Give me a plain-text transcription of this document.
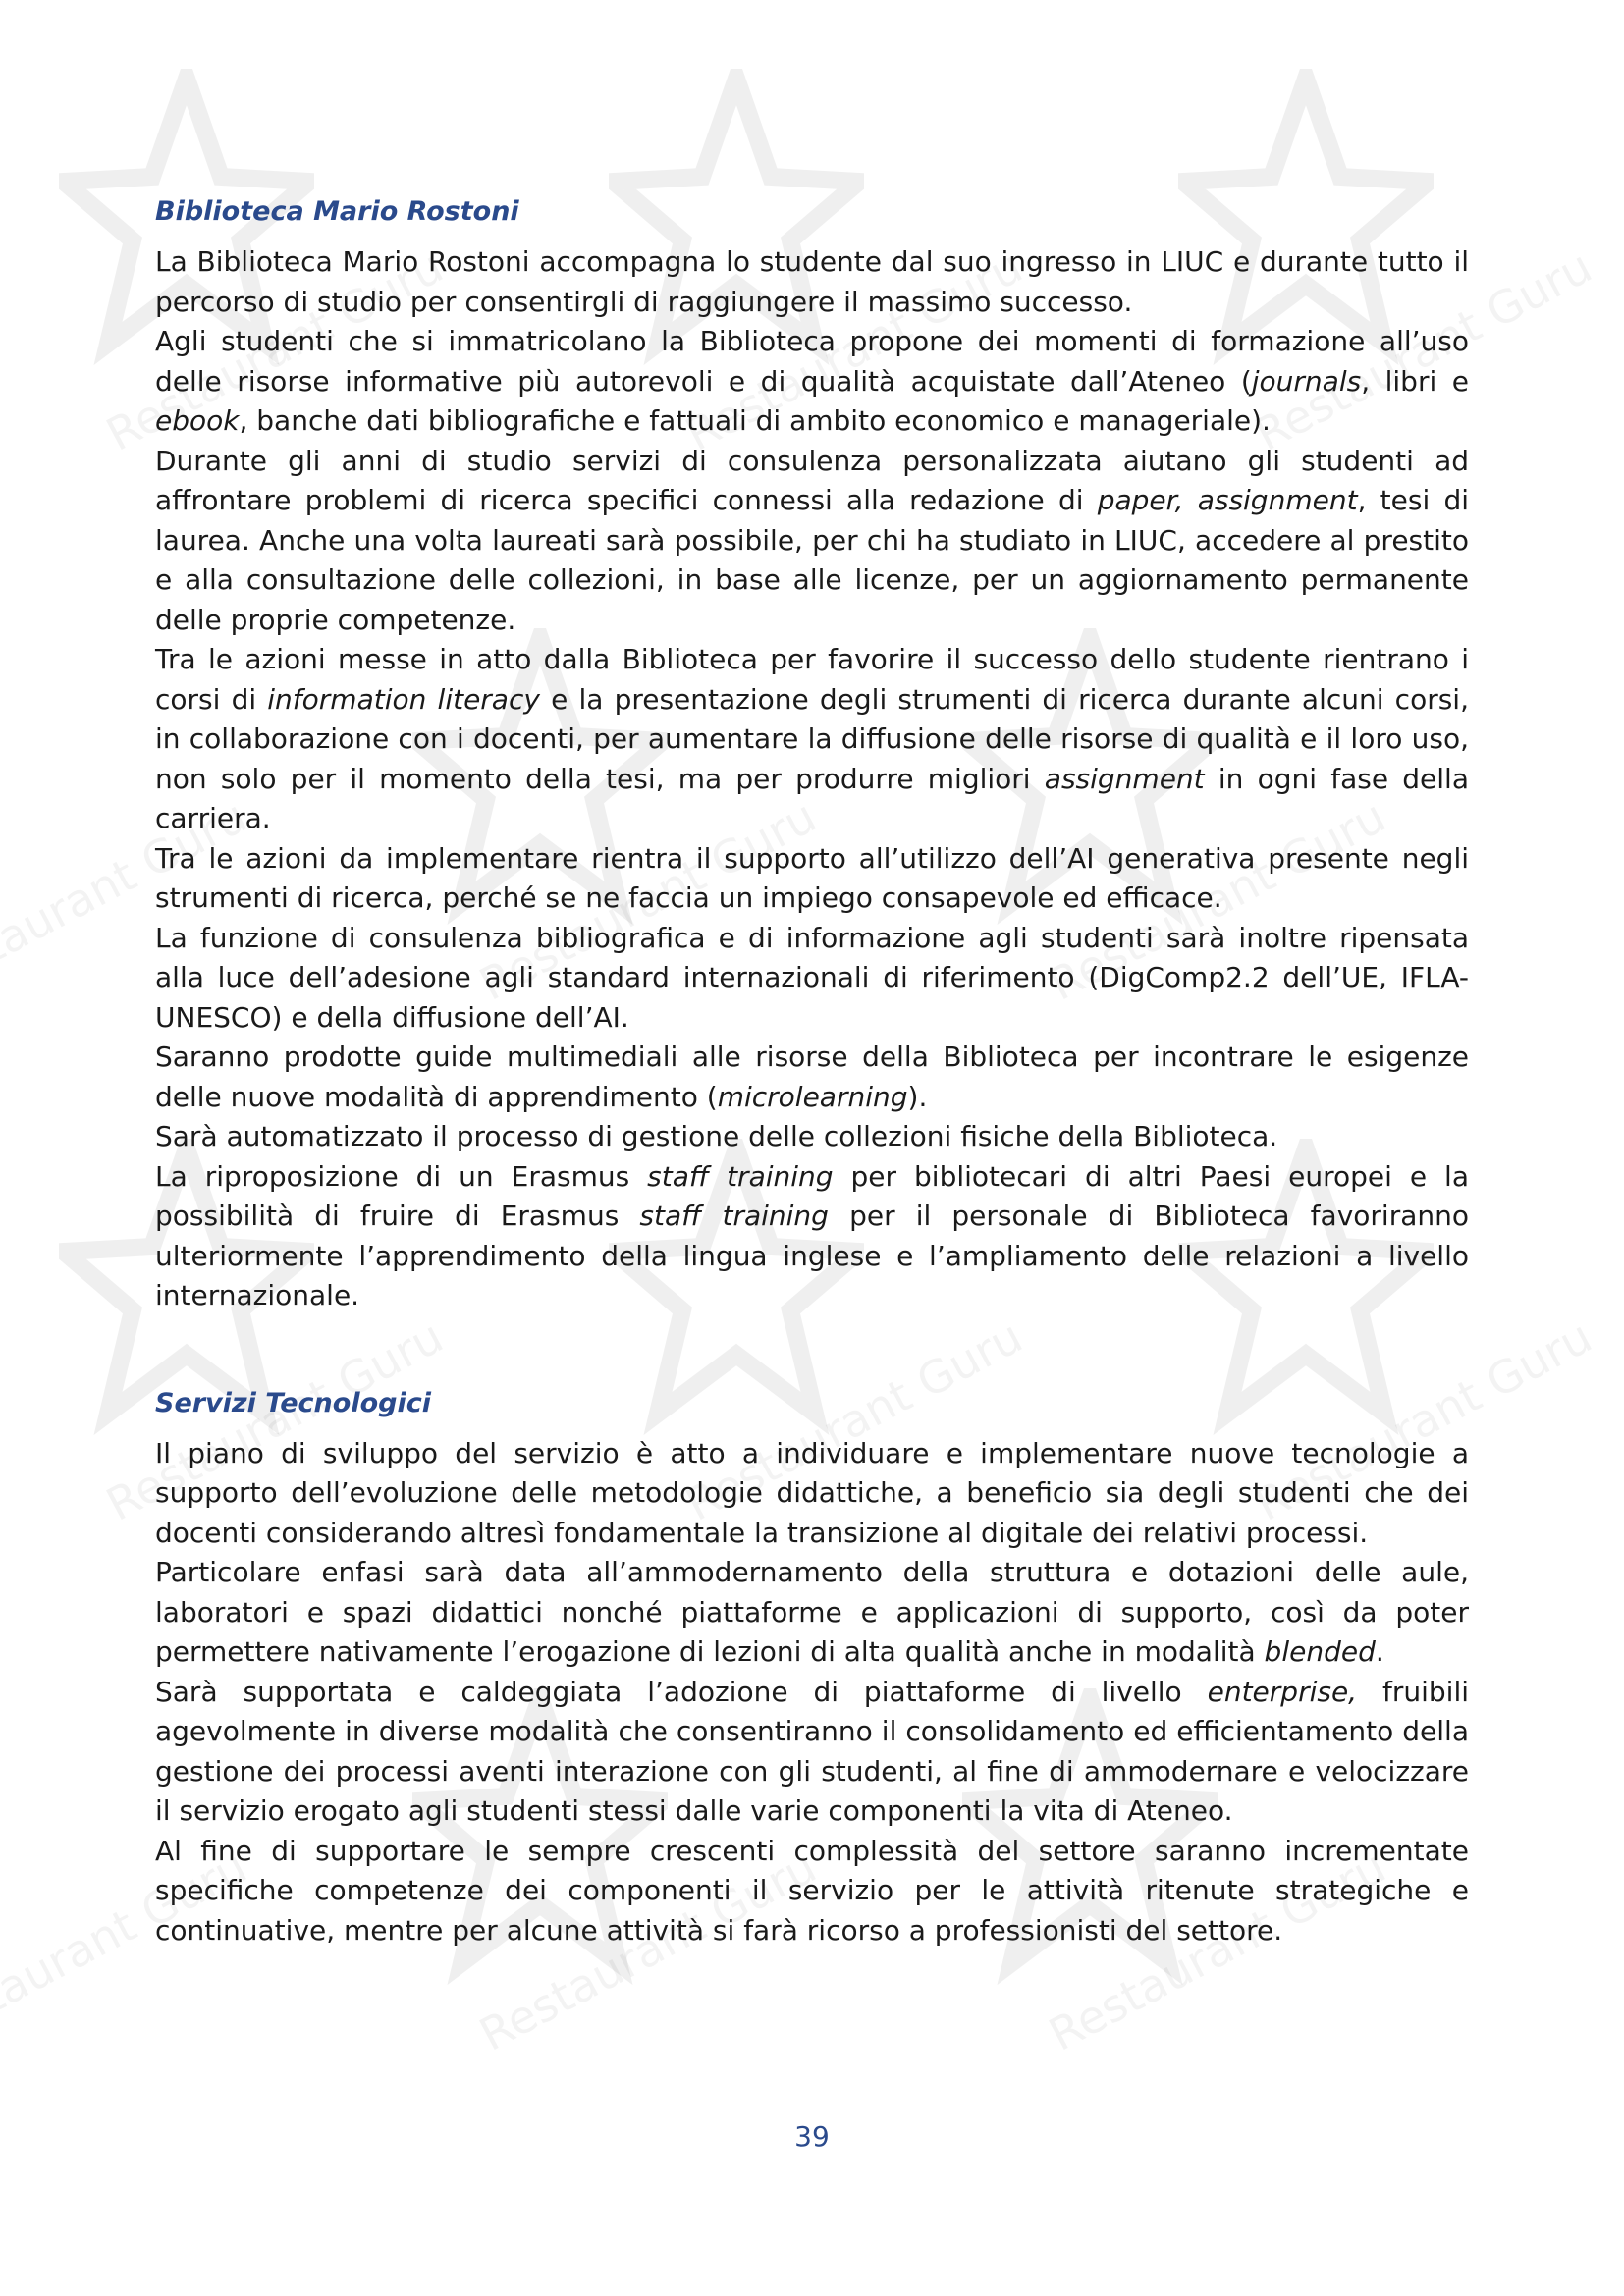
Biblioteca Mario Rostoni

La Biblioteca Mario Rostoni accompagna lo studente dal suo ingresso in LIUC e durante tutto il percorso di studio per consentirgli di raggiungere il massimo successo.

Agli studenti che si immatricolano la Biblioteca propone dei momenti di formazione all’uso delle risorse informative più autorevoli e di qualità acquistate dall’Ateneo (journals, libri e ebook, banche dati bibliografiche e fattuali di ambito economico e manageriale).

Durante gli anni di studio servizi di consulenza personalizzata aiutano gli studenti ad affrontare problemi di ricerca specifici connessi alla redazione di paper, assignment, tesi di laurea. Anche una volta laureati sarà possibile, per chi ha studiato in LIUC, accedere al prestito e alla consultazione delle collezioni, in base alle licenze, per un aggiornamento permanente delle proprie competenze.

Tra le azioni messe in atto dalla Biblioteca per favorire il successo dello studente rientrano i corsi di information literacy e la presentazione degli strumenti di ricerca durante alcuni corsi, in collaborazione con i docenti, per aumentare la diffusione delle risorse di qualità e il loro uso, non solo per il momento della tesi, ma per produrre migliori assignment in ogni fase della carriera.

Tra le azioni da implementare rientra il supporto all’utilizzo dell’AI generativa presente negli strumenti di ricerca, perché se ne faccia un impiego consapevole ed efficace.

La funzione di consulenza bibliografica e di informazione agli studenti sarà inoltre ripensata alla luce dell’adesione agli standard internazionali di riferimento (DigComp2.2 dell’UE, IFLA-UNESCO) e della diffusione dell’AI.

Saranno prodotte guide multimediali alle risorse della Biblioteca per incontrare le esigenze delle nuove modalità di apprendimento (microlearning).

Sarà automatizzato il processo di gestione delle collezioni fisiche della Biblioteca.

La riproposizione di un Erasmus staff training per bibliotecari di altri Paesi europei e la possibilità di fruire di Erasmus staff training per il personale di Biblioteca favoriranno ulteriormente l’apprendimento della lingua inglese e l’ampliamento delle relazioni a livello internazionale.

Servizi Tecnologici

Il piano di sviluppo del servizio è atto a individuare e implementare nuove tecnologie a supporto dell’evoluzione delle metodologie didattiche, a beneficio sia degli studenti che dei docenti considerando altresì fondamentale la transizione al digitale dei relativi processi.

Particolare enfasi sarà data all’ammodernamento della struttura e dotazioni delle aule, laboratori e spazi didattici nonché piattaforme e applicazioni di supporto, così da poter permettere nativamente l’erogazione di lezioni di alta qualità anche in modalità blended.

Sarà supportata e caldeggiata l’adozione di piattaforme di livello enterprise, fruibili agevolmente in diverse modalità che consentiranno il consolidamento ed efficientamento della gestione dei processi aventi interazione con gli studenti, al fine di ammodernare e velocizzare il servizio erogato agli studenti stessi dalle varie componenti la vita di Ateneo.

Al fine di supportare le sempre crescenti complessità del settore saranno incrementate specifiche competenze dei componenti il servizio per le attività ritenute strategiche e continuative, mentre per alcune attività si farà ricorso a professionisti del settore.

39
